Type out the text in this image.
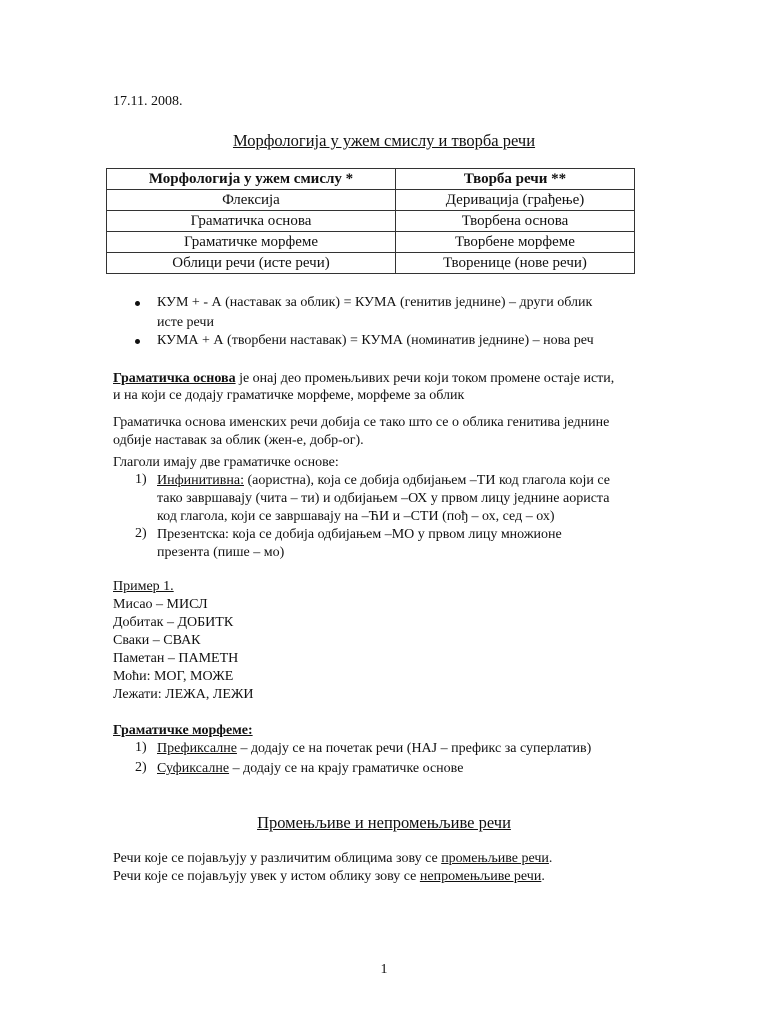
17.11. 2008.
Морфологија у ужем смислу и творба речи
Морфологија у ужем смислу *	Творба речи **
Флексија	Деривација (грађење)
Граматичка основа	Творбена основа
Граматичке морфеме	Творбене морфеме
Облици речи (исте речи)	Творенице (нове речи)
КУМ + - А (наставак за облик) = КУМА (генитив једнине) – други облик
исте речи
КУМА + А (творбени наставак) = КУМА (номинатив једнине) – нова реч
Граматичка основа је онај део промењљивих речи који током промене остаје исти,
и на који се додају граматичке морфеме, морфеме за облик
Граматичка основа именских речи добија се тако што се о облика генитива једнине
одбије наставак за облик (жен-е, добр-ог).
Глаголи имају две граматичке основе:
1) Инфинитивна: (аористна), која се добија одбијањем –ТИ код глагола који се
тако завршавају (чита – ти) и одбијањем –ОХ у првом лицу једнине аориста
код глагола, који се завршавају на –ЋИ и –СТИ (пођ – ох, сед – ох)
2) Презентска: која се добија одбијањем –МО у првом лицу множионе
презента (пише – мо)
Пример 1.
Мисао – МИСЛ
Добитак – ДОБИТК
Сваки – СВАК
Паметан – ПАМЕТН
Моћи: МОГ, МОЖЕ
Лежати: ЛЕЖА, ЛЕЖИ
Граматичке морфеме:
1) Префиксалне – додају се на почетак речи (НАЈ – префикс за суперлатив)
2) Суфиксалне – додају се на крају граматичке основе
Промењљиве и непромењљиве речи
Речи које се појављују у различитим облицима зову се промењљиве речи.
Речи које се појављују увек у истом облику зову се непромењљиве речи.
1
